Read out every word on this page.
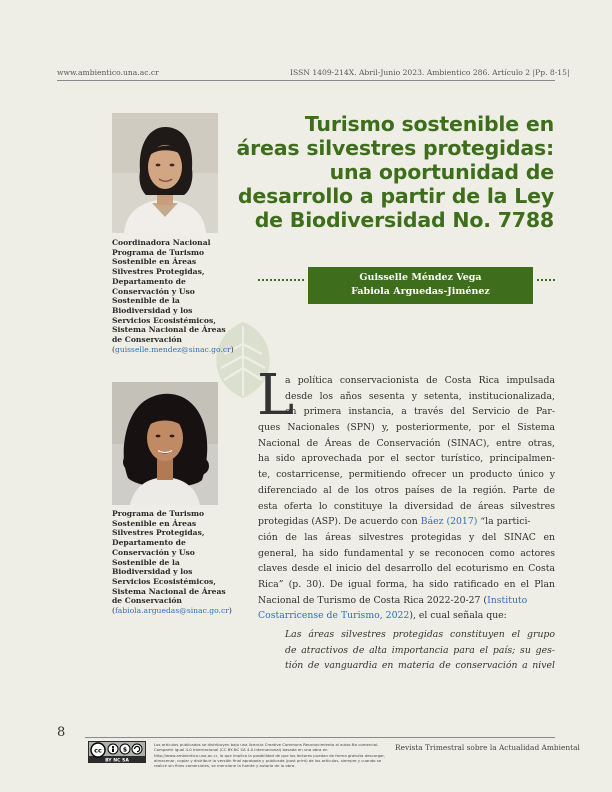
www.ambientico.una.ac.cr	ISSN 1409-214X. Abril-Junio 2023. Ambientico 286. Artículo 2 |Pp. 8-15|
Coordinadora Nacional Programa de Turismo Sostenible en Áreas Silvestres Protegidas, Departamento de Conservación y Uso Sostenible de la Biodiversidad y los Servicios Ecosistémicos, Sistema Nacional de Áreas de Conservación
(guisselle.mendez@sinac.go.cr)
Programa de Turismo Sostenible en Áreas Silvestres Protegidas, Departamento de Conservación y Uso Sostenible de la Biodiversidad y los Servicios Ecosistémicos, Sistema Nacional de Áreas de Conservación
(fabiola.arguedas@sinac.go.cr)
Turismo sostenible en áreas silvestres protegidas: una oportunidad de desarrollo a partir de la Ley de Biodiversidad No. 7788
Guisselle Méndez Vega
Fabiola Arguedas-Jiménez
L
a política conservacionista de Costa Rica impulsada
desde los años sesenta y setenta, institucionalizada,
en primera instancia, a través del Servicio de Par-
ques Nacionales (SPN) y, posteriormente, por el Sistema
Nacional de Áreas de Conservación (SINAC), entre otras,
ha sido aprovechada por el sector turístico, principalmen-
te, costarricense, permitiendo ofrecer un producto único y
diferenciado al de los otros países de la región. Parte de
esta oferta lo constituye la diversidad de áreas silvestres
protegidas (ASP). De acuerdo con Báez (2017) “la partici-
ción de las áreas silvestres protegidas y del SINAC en
general, ha sido fundamental y se reconocen como actores
claves desde el inicio del desarrollo del ecoturismo en Costa
Rica” (p. 30). De igual forma, ha sido ratificado en el Plan
Nacional de Turismo de Costa Rica 2022-20-27 (Instituto
Costarricense de Turismo, 2022), el cual señala que:
Las áreas silvestres protegidas constituyen el grupo
de atractivos de alta importancia para el país; su ges-
tión de vanguardia en materia de conservación a nivel
8
cc	$
BY NC SA
Los artículos publicados se distribuyen bajo una licencia Creative Commons Reconocimiento al autor-No comercial-Compartir igual 4.0 Internacional (CC BY-NC SA 4.0 Internacional) basada en una obra en http://www.ambientico.una.ac.cr, lo que implica la posibilidad de que los lectores puedan de forma gratuita descargar, almacenar, copiar y distribuir la versión final aprobada y publicada (post print) de los artículos, siempre y cuando se realice sin fines comerciales, se mencione la fuente y autoría de la obra.
Revista Trimestral sobre la Actualidad Ambiental
